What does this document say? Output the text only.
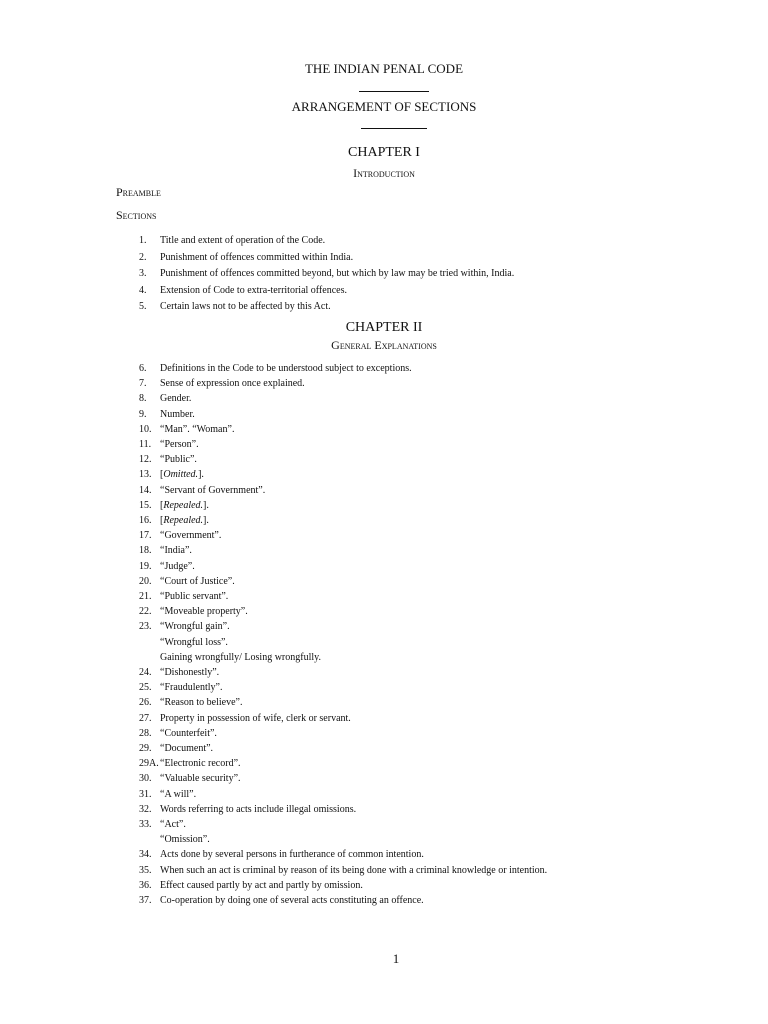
THE INDIAN PENAL CODE
ARRANGEMENT OF SECTIONS
CHAPTER I
Introduction
Preamble
Sections
1. Title and extent of operation of the Code.
2. Punishment of offences committed within India.
3. Punishment of offences committed beyond, but which by law may be tried within, India.
4. Extension of Code to extra-territorial offences.
5. Certain laws not to be affected by this Act.
CHAPTER II
General Explanations
6. Definitions in the Code to be understood subject to exceptions.
7. Sense of expression once explained.
8. Gender.
9. Number.
10. “Man”. “Woman”.
11. “Person”.
12. “Public”.
13. [Omitted.].
14. “Servant of Government”.
15. [Repealed.].
16. [Repealed.].
17. “Government”.
18. “India”.
19. “Judge”.
20. “Court of Justice”.
21. “Public servant”.
22. “Moveable property”.
23. “Wrongful gain”.
“Wrongful loss”.
Gaining wrongfully/ Losing wrongfully.
24. “Dishonestly”.
25. “Fraudulently”.
26. “Reason to believe”.
27. Property in possession of wife, clerk or servant.
28. “Counterfeit”.
29. “Document”.
29A. “Electronic record”.
30. “Valuable security”.
31. “A will”.
32. Words referring to acts include illegal omissions.
33. “Act”.
“Omission”.
34. Acts done by several persons in furtherance of common intention.
35. When such an act is criminal by reason of its being done with a criminal knowledge or intention.
36. Effect caused partly by act and partly by omission.
37. Co-operation by doing one of several acts constituting an offence.
1
